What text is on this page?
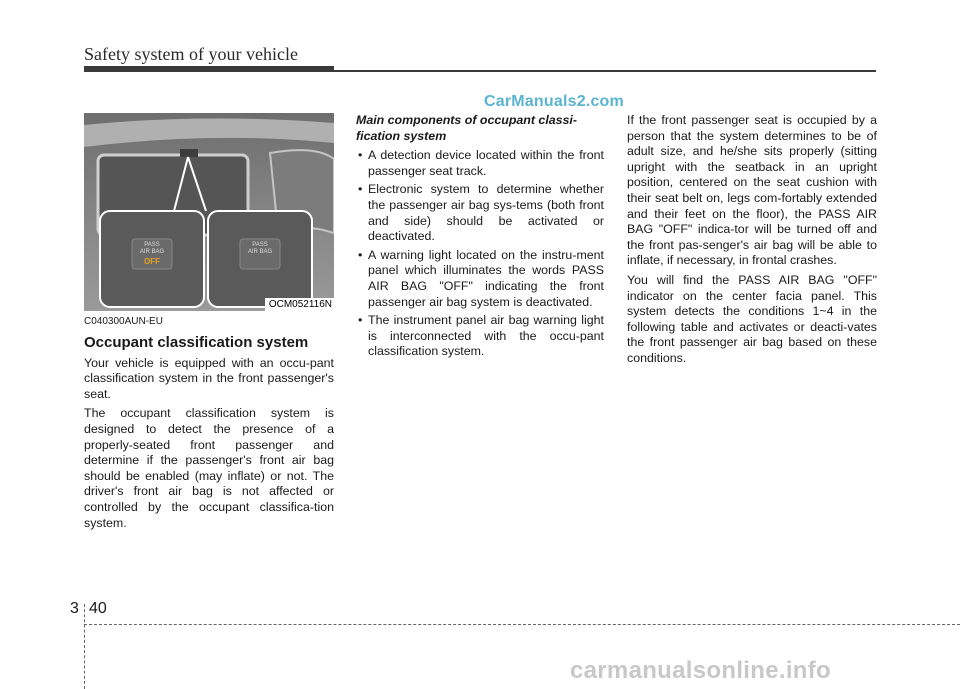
Safety system of your vehicle
CarManuals2.com
PASS
AIR BAG
OFF
PASS
AIR BAG
OCM052116N

C040300AUN-EU

Occupant classification system

Your vehicle is equipped with an occu-pant classification system in the front passenger's seat.

The occupant classification system is designed to detect the presence of a properly-seated front passenger and determine if the passenger's front air bag should be enabled (may inflate) or not. The driver's front air bag is not affected or controlled by the occupant classifica-tion system.

Main components of occupant classi-fication system

• A detection device located within the front passenger seat track.
• Electronic system to determine whether the passenger air bag sys-tems (both front and side) should be activated or deactivated.
• A warning light located on the instru-ment panel which illuminates the words PASS AIR BAG "OFF" indicating the front passenger air bag system is deactivated.
• The instrument panel air bag warning light is interconnected with the occu-pant classification system.

If the front passenger seat is occupied by a person that the system determines to be of adult size, and he/she sits properly (sitting upright with the seatback in an upright position, centered on the seat cushion with their seat belt on, legs com-fortably extended and their feet on the floor), the PASS AIR BAG "OFF" indica-tor will be turned off and the front pas-senger's air bag will be able to inflate, if necessary, in frontal crashes.

You will find the PASS AIR BAG "OFF" indicator on the center facia panel. This system detects the conditions 1~4 in the following table and activates or deacti-vates the front passenger air bag based on these conditions.

3 40
carmanualsonline.info
